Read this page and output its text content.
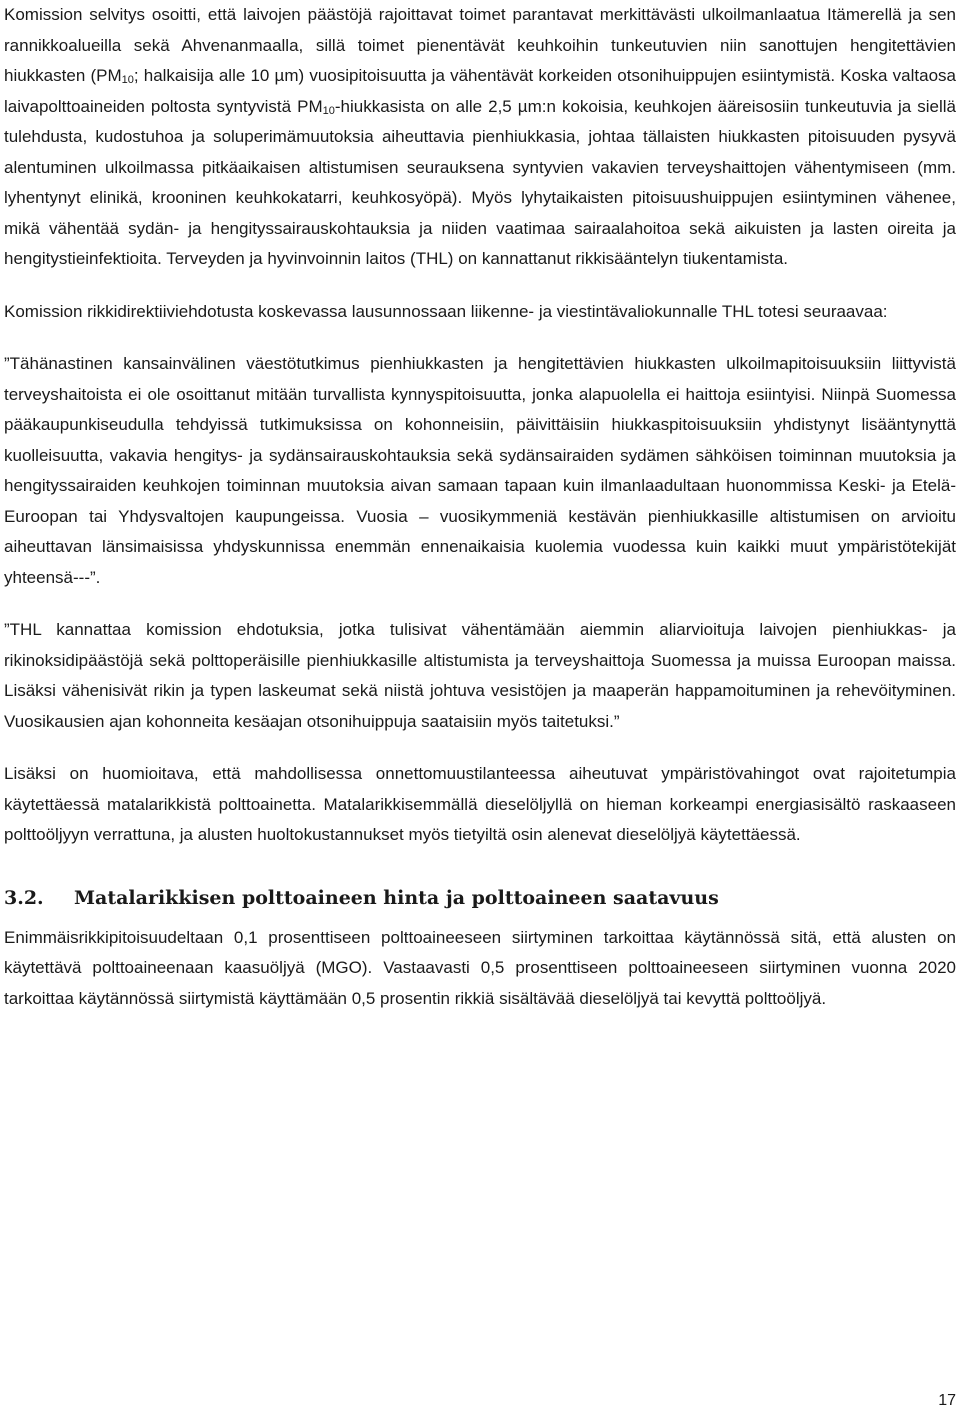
Komission selvitys osoitti, että laivojen päästöjä rajoittavat toimet parantavat merkittävästi ulkoilmanlaatua Itämerellä ja sen rannikkoalueilla sekä Ahvenanmaalla, sillä toimet pienentävät keuhkoihin tunkeutuvien niin sanottujen hengitettävien hiukkasten ($PM_{10}$; halkaisija alle 10 µm) vuosipitoisuutta ja vähentävät korkeiden otsonihuippujen esiintymistä. Koska valtaosa laivapolttoaineiden poltosta syntyvistä $PM_{10}$-hiukkasista on alle 2,5 µm:n kokoisia, keuhkojen ääreisosiin tunkeutuvia ja siellä tulehdusta, kudostuhoa ja soluperimämuutoksia aiheuttavia pienhiukkasia, johtaa tällaisten hiukkasten pitoisuuden pysyvä alentuminen ulkoilmassa pitkäaikaisen altistumisen seurauksena syntyvien vakavien terveyshaittojen vähentymiseen (mm. lyhentynyt elinikä, krooninen keuhkokatarri, keuhkosyöpä). Myös lyhytaikaisten pitoisuushuippujen esiintyminen vähenee, mikä vähentää sydän- ja hengityssairauskohtauksia ja niiden vaatimaa sairaalahoitoa sekä aikuisten ja lasten oireita ja hengitystieinfektioita. Terveyden ja hyvinvoinnin laitos (THL) on kannattanut rikkisääntelyn tiukentamista.

Komission rikkidirektiiviehdotusta koskevassa lausunnossaan liikenne- ja viestintävaliokunnalle THL totesi seuraavaa:

”Tähänastinen kansainvälinen väestötutkimus pienhiukkasten ja hengitettävien hiukkasten ulkoilmapitoisuuksiin liittyvistä terveyshaitoista ei ole osoittanut mitään turvallista kynnyspitoisuutta, jonka alapuolella ei haittoja esiintyisi. Niinpä Suomessa pääkaupunkiseudulla tehdyissä tutkimuksissa on kohonneisiin, päivittäisiin hiukkaspitoisuuksiin yhdistynyt lisääntynyttä kuolleisuutta, vakavia hengitys- ja sydänsairauskohtauksia sekä sydänsairaiden sydämen sähköisen toiminnan muutoksia ja hengityssairaiden keuhkojen toiminnan muutoksia aivan samaan tapaan kuin ilmanlaadultaan huonommissa Keski- ja Etelä-Euroopan tai Yhdysvaltojen kaupungeissa. Vuosia – vuosikymmeniä kestävän pienhiukkasille altistumisen on arvioitu aiheuttavan länsimaisissa yhdyskunnissa enemmän ennenaikaisia kuolemia vuodessa kuin kaikki muut ympäristötekijät yhteensä---”.

”THL kannattaa komission ehdotuksia, jotka tulisivat vähentämään aiemmin aliarvioituja laivojen pienhiukkas- ja rikinoksidipäästöjä sekä polttoperäisille pienhiukkasille altistumista ja terveyshaittoja Suomessa ja muissa Euroopan maissa. Lisäksi vähenisivät rikin ja typen laskeumat sekä niistä johtuva vesistöjen ja maaperän happamoituminen ja rehevöityminen. Vuosikausien ajan kohonneita kesäajan otsonihuippuja saataisiin myös taitetuksi.”

Lisäksi on huomioitava, että mahdollisessa onnettomuustilanteessa aiheutuvat ympäristövahingot ovat rajoitetumpia käytettäessä matalarikkistä polttoainetta. Matalarikkisemmällä dieselöljyllä on hieman korkeampi energiasisältö raskaaseen polttoöljyyn verrattuna, ja alusten huoltokustannukset myös tietyiltä osin alenevat dieselöljyä käytettäessä.

3.2.	Matalarikkisen polttoaineen hinta ja polttoaineen saatavuus

Enimmäisrikkipitoisuudeltaan 0,1 prosenttiseen polttoaineeseen siirtyminen tarkoittaa käytännössä sitä, että alusten on käytettävä polttoaineenaan kaasuöljyä (MGO). Vastaavasti 0,5 prosenttiseen polttoaineeseen siirtyminen vuonna 2020 tarkoittaa käytännössä siirtymistä käyttämään 0,5 prosentin rikkiä sisältävää dieselöljyä tai kevyttä polttoöljyä.

17
